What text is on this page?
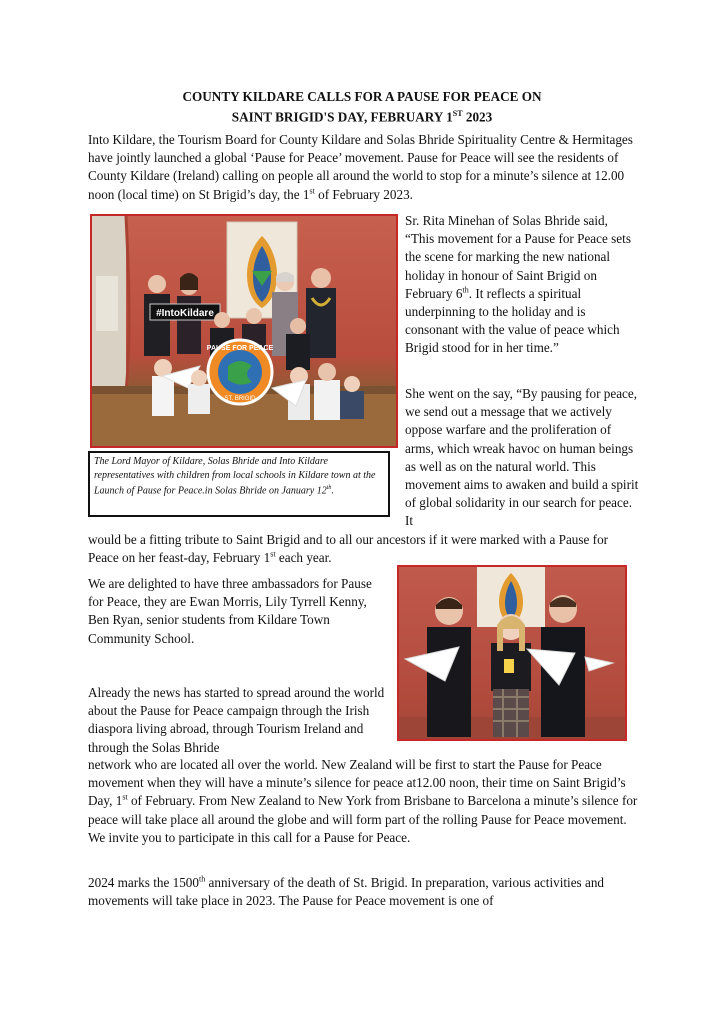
COUNTY KILDARE CALLS FOR A PAUSE FOR PEACE ON
SAINT BRIGID'S DAY, FEBRUARY 1ST 2023

Into Kildare, the Tourism Board for County Kildare and Solas Bhride Spirituality Centre & Hermitages have jointly launched a global ‘Pause for Peace’ movement. Pause for Peace will see the residents of County Kildare (Ireland) calling on people all around the world to stop for a minute’s silence at 12.00 noon (local time) on St Brigid’s day, the 1st of February 2023.

#IntoKildare
PAUSE FOR PEACE
ST. BRIGID
The Lord Mayor of Kildare, Solas Bhride and Into Kildare representatives with children from local schools in Kildare town at the Launch of Pause for Peace.in Solas Bhride on January 12th.

Sr. Rita Minehan of Solas Bhride said, “This movement for a Pause for Peace sets the scene for marking the new national holiday in honour of Saint Brigid on February 6th. It reflects a spiritual underpinning to the holiday and is consonant with the value of peace which Brigid stood for in her time.”

She went on the say, “By pausing for peace, we send out a message that we actively oppose warfare and the proliferation of arms, which wreak havoc on human beings as well as on the natural world. This movement aims to awaken and build a spirit of global solidarity in our search for peace. It

would be a fitting tribute to Saint Brigid and to all our ancestors if it were marked with a Pause for Peace on her feast-day, February 1st each year.

We are delighted to have three ambassadors for Pause for Peace, they are Ewan Morris, Lily Tyrrell Kenny, Ben Ryan, senior students from Kildare Town Community School.

Already the news has started to spread around the world about the Pause for Peace campaign through the Irish diaspora living abroad, through Tourism Ireland and through the Solas Bhride

network who are located all over the world. New Zealand will be first to start the Pause for Peace movement when they will have a minute’s silence for peace at12.00 noon, their time on Saint Brigid’s Day, 1st of February. From New Zealand to New York from Brisbane to Barcelona a minute’s silence for peace will take place all around the globe and will form part of the rolling Pause for Peace movement. We invite you to participate in this call for a Pause for Peace.

2024 marks the 1500th anniversary of the death of St. Brigid. In preparation, various activities and movements will take place in 2023. The Pause for Peace movement is one of
